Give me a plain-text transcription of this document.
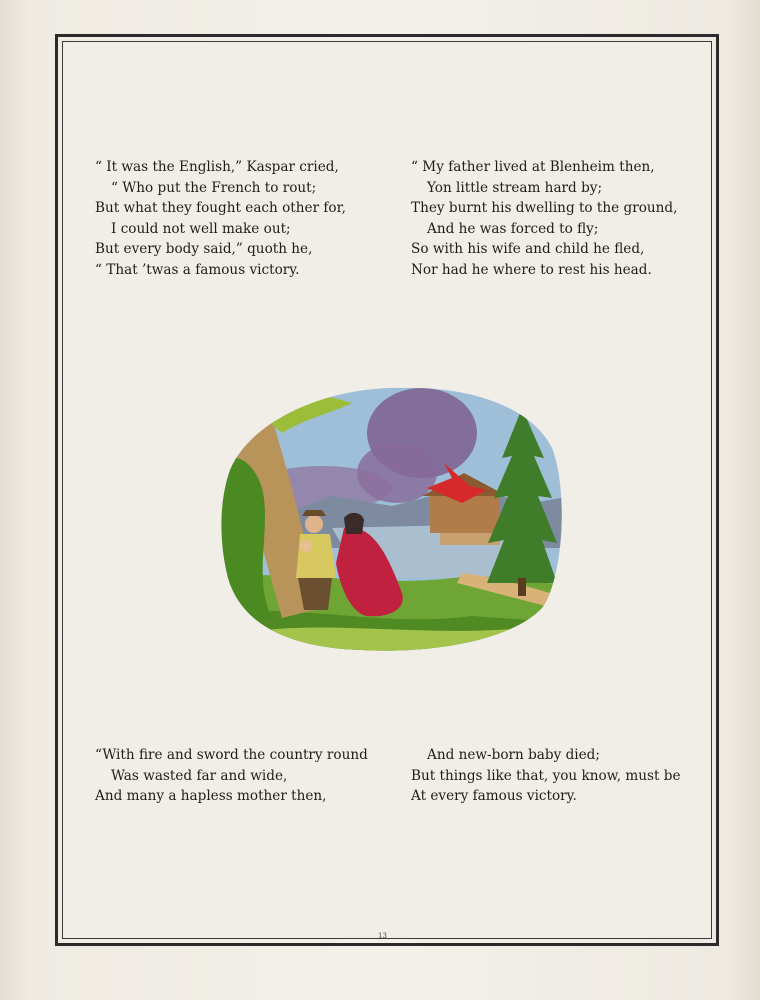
“ It was the English,” Kaspar cried,
“ Who put the French to rout;
But what they fought each other for,
I could not well make out;
But every body said,” quoth he,
“ That ’twas a famous victory.
“ My father lived at Blenheim then,
Yon little stream hard by;
They burnt his dwelling to the ground,
And he was forced to fly;
So with his wife and child he fled,
Nor had he where to rest his head.
“With fire and sword the country round
Was wasted far and wide,
And many a hapless mother then,
And new-born baby died;
But things like that, you know, must be
At every famous victory.
13
